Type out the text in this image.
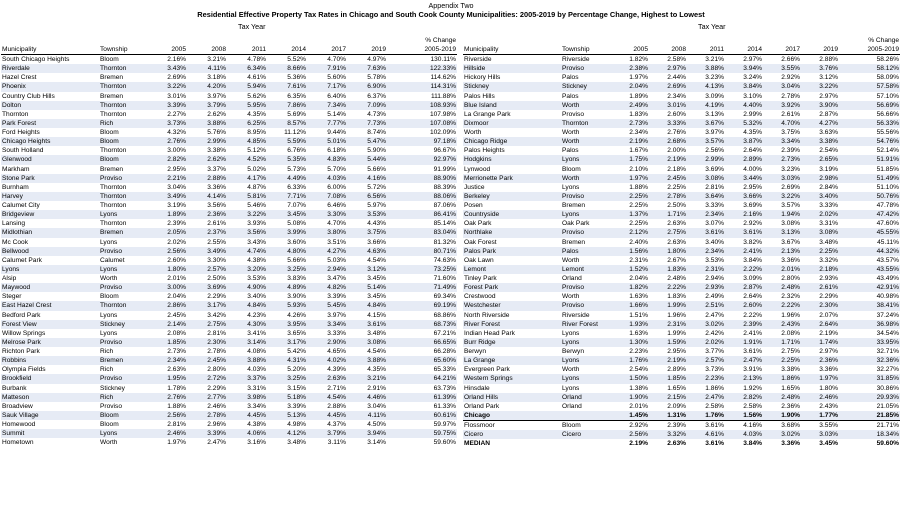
Appendix Two
Residential Effective Property Tax Rates in Chicago and South Cook County Municipalities: 2005-2019 by Percentage Change, Highest to Lowest
Tax Year	Tax Year
								% Change
Municipality	Township	2005	2008	2011	2014	2017	2019	2005-2019
South Chicago Heights	Bloom	2.16%	3.21%	4.78%	5.52%	4.70%	4.97%	130.11%
Riverdale	Thornton	3.43%	4.11%	6.34%	8.66%	7.91%	7.63%	122.33%
Hazel Crest	Bremen	2.69%	3.18%	4.61%	5.36%	5.60%	5.78%	114.62%
Phoenix	Thornton	3.22%	4.20%	5.94%	7.61%	7.17%	6.90%	114.31%
Country Club Hills	Bremen	3.01%	3.97%	5.62%	6.35%	6.40%	6.37%	111.88%
Dolton	Thornton	3.39%	3.79%	5.95%	7.86%	7.34%	7.09%	108.93%
Thornton	Thornton	2.27%	2.62%	4.35%	5.69%	5.14%	4.73%	107.98%
Park Forest	Rich	3.73%	3.88%	6.25%	8.57%	7.77%	7.73%	107.08%
Ford Heights	Bloom	4.32%	5.76%	8.95%	11.12%	9.44%	8.74%	102.09%
Chicago Heights	Bloom	2.76%	2.99%	4.85%	5.59%	5.01%	5.47%	97.18%
South Holland	Thornton	3.00%	3.38%	5.12%	6.76%	6.18%	5.90%	96.67%
Glenwood	Bloom	2.82%	2.62%	4.52%	5.35%	4.83%	5.44%	92.97%
Markham	Bremen	2.95%	3.37%	5.02%	5.73%	5.70%	5.66%	91.99%
Stone Park	Proviso	2.21%	2.88%	4.17%	4.49%	4.03%	4.16%	88.90%
Burnham	Thornton	3.04%	3.36%	4.87%	6.33%	6.00%	5.72%	88.39%
Harvey	Thornton	3.49%	4.14%	5.81%	7.71%	7.08%	6.56%	88.06%
Calumet City	Thornton	3.19%	3.56%	5.46%	7.07%	6.46%	5.97%	87.06%
Bridgeview	Lyons	1.89%	2.36%	3.22%	3.45%	3.30%	3.53%	86.41%
Lansing	Thornton	2.39%	2.61%	3.93%	5.08%	4.70%	4.43%	85.14%
Midlothian	Bremen	2.05%	2.37%	3.56%	3.99%	3.80%	3.75%	83.04%
Mc Cook	Lyons	2.02%	2.55%	3.43%	3.60%	3.51%	3.66%	81.32%
Bellwood	Proviso	2.56%	3.49%	4.74%	4.80%	4.27%	4.63%	80.71%
Calumet Park	Calumet	2.60%	3.30%	4.38%	5.66%	5.03%	4.54%	74.63%
Lyons	Lyons	1.80%	2.57%	3.20%	3.25%	2.94%	3.12%	73.25%
Alsip	Worth	2.01%	2.50%	3.53%	3.83%	3.47%	3.45%	71.60%
Maywood	Proviso	3.00%	3.69%	4.90%	4.89%	4.82%	5.14%	71.49%
Steger	Bloom	2.04%	2.29%	3.40%	3.90%	3.39%	3.45%	69.34%
East Hazel Crest	Thornton	2.86%	3.17%	4.84%	5.93%	5.45%	4.84%	69.19%
Bedford Park	Lyons	2.45%	3.42%	4.23%	4.26%	3.97%	4.15%	68.86%
Forest View	Stickney	2.14%	2.75%	4.30%	3.95%	3.34%	3.61%	68.73%
Willow Springs	Lyons	2.08%	2.81%	3.41%	3.65%	3.33%	3.48%	67.21%
Melrose Park	Proviso	1.85%	2.30%	3.14%	3.17%	2.90%	3.08%	66.65%
Richton Park	Rich	2.73%	2.78%	4.08%	5.42%	4.65%	4.54%	66.28%
Robbins	Bremen	2.34%	2.45%	3.88%	4.31%	4.02%	3.88%	65.60%
Olympia Fields	Rich	2.63%	2.80%	4.03%	5.20%	4.39%	4.35%	65.33%
Brookfield	Proviso	1.95%	2.72%	3.37%	3.25%	2.63%	3.21%	64.21%
Burbank	Stickney	1.78%	2.29%	3.31%	3.15%	2.71%	2.91%	63.73%
Matteson	Rich	2.76%	2.77%	3.98%	5.18%	4.54%	4.46%	61.39%
Broadview	Proviso	1.88%	2.46%	3.34%	3.39%	2.88%	3.04%	61.33%
Sauk Village	Bloom	2.56%	2.78%	4.45%	5.13%	4.45%	4.11%	60.61%
Homewood	Bloom	2.81%	2.96%	4.38%	4.98%	4.37%	4.50%	59.97%
Summit	Lyons	2.46%	3.39%	4.06%	4.12%	3.79%	3.94%	59.75%
Hometown	Worth	1.97%	2.47%	3.16%	3.48%	3.11%	3.14%	59.60%
								% Change
Municipality	Township	2005	2008	2011	2014	2017	2019	2005-2019
Riverside	Riverside	1.82%	2.58%	3.21%	2.97%	2.66%	2.88%	58.26%
Hillside	Proviso	2.38%	2.97%	3.88%	3.94%	3.55%	3.76%	58.12%
Hickory Hills	Palos	1.97%	2.44%	3.23%	3.24%	2.92%	3.12%	58.09%
Stickney	Stickney	2.04%	2.69%	4.13%	3.84%	3.04%	3.22%	57.58%
Palos Hills	Palos	1.89%	2.34%	3.09%	3.10%	2.78%	2.97%	57.10%
Blue Island	Worth	2.49%	3.01%	4.19%	4.40%	3.92%	3.90%	56.69%
La Grange Park	Proviso	1.83%	2.60%	3.13%	2.99%	2.61%	2.87%	56.66%
Dixmoor	Thornton	2.73%	3.33%	3.67%	5.32%	4.70%	4.27%	56.33%
Worth	Worth	2.34%	2.76%	3.97%	4.35%	3.75%	3.63%	55.56%
Chicago Ridge	Worth	2.19%	2.68%	3.57%	3.87%	3.34%	3.38%	54.76%
Palos Heights	Palos	1.67%	2.00%	2.56%	2.64%	2.39%	2.54%	52.14%
Hodgkins	Lyons	1.75%	2.19%	2.99%	2.89%	2.73%	2.65%	51.91%
Lynwood	Bloom	2.10%	2.18%	3.69%	4.00%	3.23%	3.19%	51.85%
Merrionette Park	Worth	1.97%	2.45%	3.08%	3.44%	3.03%	2.98%	51.49%
Justice	Lyons	1.88%	2.25%	2.81%	2.95%	2.69%	2.84%	51.10%
Berkeley	Proviso	2.25%	2.78%	3.64%	3.66%	3.22%	3.40%	50.76%
Posen	Bremen	2.25%	2.50%	3.33%	3.69%	3.57%	3.33%	47.78%
Countryside	Lyons	1.37%	1.71%	2.34%	2.16%	1.94%	2.02%	47.42%
Oak Park	Oak Park	2.25%	2.63%	3.07%	2.92%	3.08%	3.31%	47.60%
Northlake	Proviso	2.12%	2.75%	3.61%	3.61%	3.13%	3.08%	45.55%
Oak Forest	Bremen	2.40%	2.63%	3.40%	3.82%	3.67%	3.48%	45.11%
Palos Park	Palos	1.56%	1.80%	2.34%	2.41%	2.13%	2.25%	44.32%
Oak Lawn	Worth	2.31%	2.67%	3.53%	3.84%	3.36%	3.32%	43.57%
Lemont	Lemont	1.52%	1.83%	2.31%	2.22%	2.01%	2.18%	43.55%
Tinley Park	Orland	2.04%	2.48%	2.94%	3.09%	2.80%	2.93%	43.49%
Forest Park	Proviso	1.82%	2.22%	2.93%	2.87%	2.48%	2.61%	42.91%
Crestwood	Worth	1.63%	1.83%	2.49%	2.64%	2.32%	2.29%	40.98%
Westchester	Proviso	1.66%	1.99%	2.51%	2.60%	2.22%	2.30%	38.41%
North Riverside	Riverside	1.51%	1.96%	2.47%	2.22%	1.96%	2.07%	37.24%
River Forest	River Forest	1.93%	2.31%	3.02%	2.39%	2.43%	2.64%	36.98%
Indian Head Park	Lyons	1.63%	1.99%	2.42%	2.41%	2.08%	2.19%	34.54%
Burr Ridge	Lyons	1.30%	1.59%	2.02%	1.91%	1.71%	1.74%	33.95%
Berwyn	Berwyn	2.23%	2.95%	3.77%	3.61%	2.75%	2.97%	32.71%
La Grange	Lyons	1.76%	2.19%	2.57%	2.47%	2.25%	2.36%	32.36%
Evergreen Park	Worth	2.54%	2.89%	3.73%	3.91%	3.38%	3.36%	32.27%
Western Springs	Lyons	1.50%	1.85%	2.23%	2.13%	1.86%	1.97%	31.85%
Hinsdale	Lyons	1.38%	1.65%	1.86%	1.92%	1.65%	1.80%	30.86%
Orland Hills	Orland	1.90%	2.15%	2.47%	2.82%	2.48%	2.46%	29.93%
Orland Park	Orland	2.01%	2.09%	2.58%	2.58%	2.36%	2.43%	21.05%
Chicago		1.45%	1.31%	1.76%	1.56%	1.90%	1.77%	21.85%
Flossmoor	Bloom	2.92%	2.39%	3.61%	4.16%	3.68%	3.55%	21.71%
Cicero	Cicero	2.56%	3.32%	4.61%	4.03%	3.02%	3.03%	18.34%
MEDIAN		2.19%	2.63%	3.61%	3.84%	3.36%	3.45%	59.60%
